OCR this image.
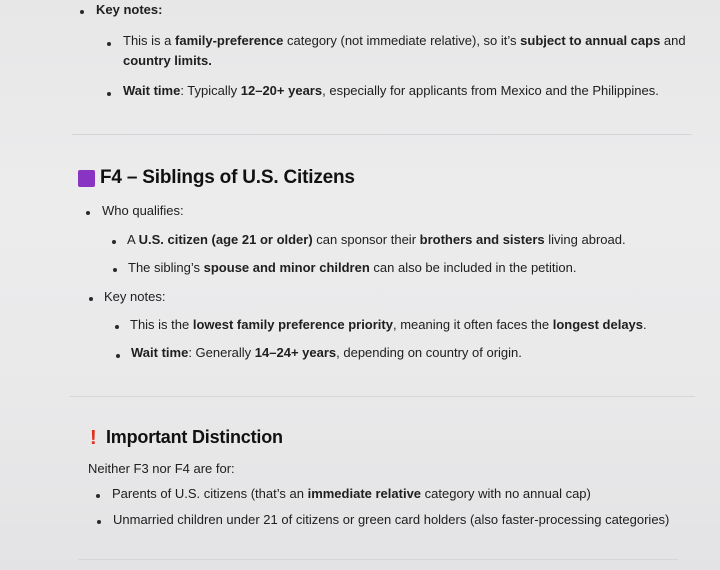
Key notes:
This is a family-preference category (not immediate relative), so it’s subject to annual caps and
country limits.
Wait time: Typically 12–20+ years, especially for applicants from Mexico and the Philippines.
F4 – Siblings of U.S. Citizens
Who qualifies:
A U.S. citizen (age 21 or older) can sponsor their brothers and sisters living abroad.
The sibling’s spouse and minor children can also be included in the petition.
Key notes:
This is the lowest family preference priority, meaning it often faces the longest delays.
Wait time: Generally 14–24+ years, depending on country of origin.
! Important Distinction
Neither F3 nor F4 are for:
Parents of U.S. citizens (that’s an immediate relative category with no annual cap)
Unmarried children under 21 of citizens or green card holders (also faster-processing categories)
